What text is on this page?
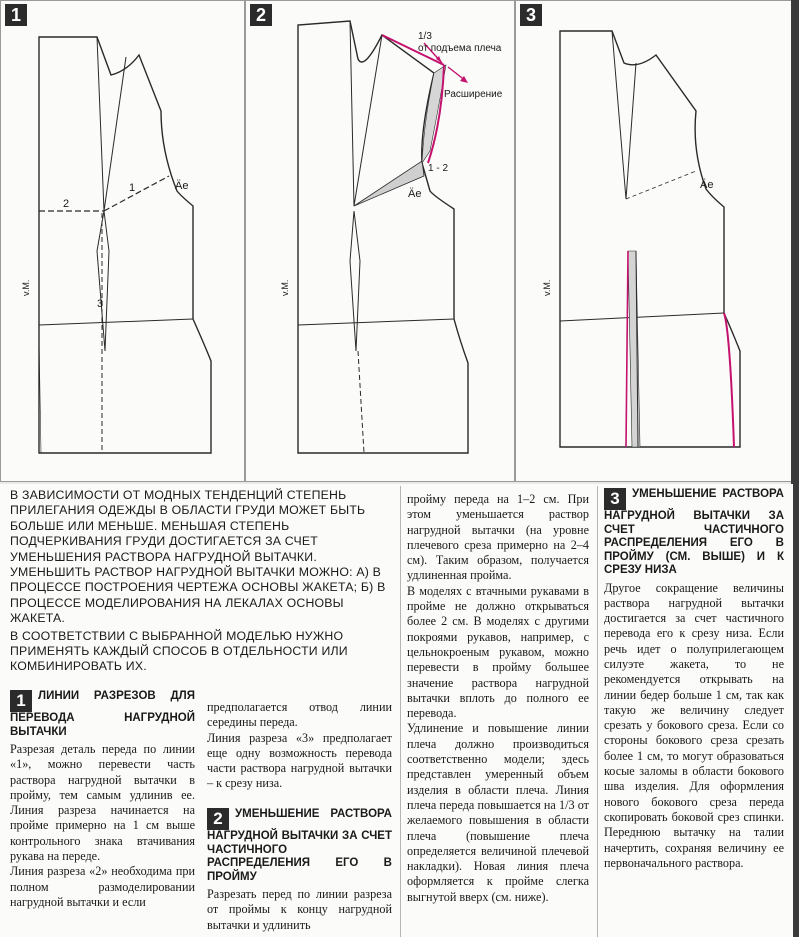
1
2
1
3
Äe
v.M.
2
Äe
v.M.
1/3
от подъема плеча
Расширение
1 - 2
3
Äe
v.M.

В ЗАВИСИМОСТИ ОТ МОДНЫХ ТЕНДЕНЦИЙ СТЕПЕНЬ ПРИЛЕГАНИЯ ОДЕЖДЫ В ОБЛАСТИ ГРУДИ МОЖЕТ БЫТЬ БОЛЬШЕ ИЛИ МЕНЬШЕ. МЕНЬШАЯ СТЕПЕНЬ ПОДЧЕРКИВАНИЯ ГРУДИ ДОСТИГАЕТСЯ ЗА СЧЕТ УМЕНЬШЕНИЯ РАСТВОРА НАГРУДНОЙ ВЫТАЧКИ. УМЕНЬШИТЬ РАСТВОР НАГРУДНОЙ ВЫТАЧКИ МОЖНО: А) В ПРОЦЕССЕ ПОСТРОЕНИЯ ЧЕРТЕЖА ОСНОВЫ ЖАКЕТА; Б) В ПРОЦЕССЕ МОДЕЛИРОВАНИЯ НА ЛЕКАЛАХ ОСНОВЫ ЖАКЕТА.

В СООТВЕТСТВИИ С ВЫБРАННОЙ МОДЕЛЬЮ НУЖНО ПРИМЕНЯТЬ КАЖДЫЙ СПОСОБ В ОТДЕЛЬНОСТИ ИЛИ КОМБИНИРОВАТЬ ИХ.

1 ЛИНИИ РАЗРЕЗОВ ДЛЯ ПЕРЕВОДА НАГРУДНОЙ ВЫТАЧКИ

Разрезая деталь переда по линии «1», можно перевести часть раствора нагрудной вытачки в пройму, тем самым удлинив ее. Линия разреза начинается на пройме примерно на 1 см выше контрольного знака втачивания рукава на переде.

Линия разреза «2» необходима при полном размоделировании нагрудной вытачки и если

предполагается отвод линии середины переда.

Линия разреза «3» предполагает еще одну возможность перевода части раствора нагрудной вытачки – к срезу низа.

2 УМЕНЬШЕНИЕ РАСТВОРА НАГРУДНОЙ ВЫТАЧКИ ЗА СЧЕТ ЧАСТИЧНОГО РАСПРЕДЕЛЕНИЯ ЕГО В ПРОЙМУ

Разрезать перед по линии разреза от проймы к концу нагрудной вытачки и удлинить

пройму переда на 1–2 см. При этом уменьшается раствор нагрудной вытачки (на уровне плечевого среза примерно на 2–4 см). Таким образом, получается удлиненная пройма.

В моделях с втачными рукавами в пройме не должно открываться более 2 см. В моделях с другими покроями рукавов, например, с цельнокроеным рукавом, можно перевести в пройму большее значение раствора нагрудной вытачки вплоть до полного ее перевода.

Удлинение и повышение линии плеча должно производиться соответственно модели; здесь представлен умеренный объем изделия в области плеча. Линия плеча переда повышается на 1/3 от желаемого повышения в области плеча (повышение плеча определяется величиной плечевой накладки). Новая линия плеча оформляется к пройме слегка выгнутой вверх (см. ниже).

3 УМЕНЬШЕНИЕ РАСТВОРА НАГРУДНОЙ ВЫТАЧКИ ЗА СЧЕТ ЧАСТИЧНОГО РАСПРЕДЕЛЕНИЯ ЕГО В ПРОЙМУ (СМ. ВЫШЕ) И К СРЕЗУ НИЗА

Другое сокращение величины раствора нагрудной вытачки достигается за счет частичного перевода его к срезу низа. Если речь идет о полуприлегающем силуэте жакета, то не рекомендуется открывать на линии бедер больше 1 см, так как такую же величину следует срезать у бокового среза. Если со стороны бокового среза срезать более 1 см, то могут образоваться косые заломы в области бокового шва изделия. Для оформления нового бокового среза переда скопировать боковой срез спинки. Переднюю вытачку на талии начертить, сохраняя величину ее первоначального раствора.
